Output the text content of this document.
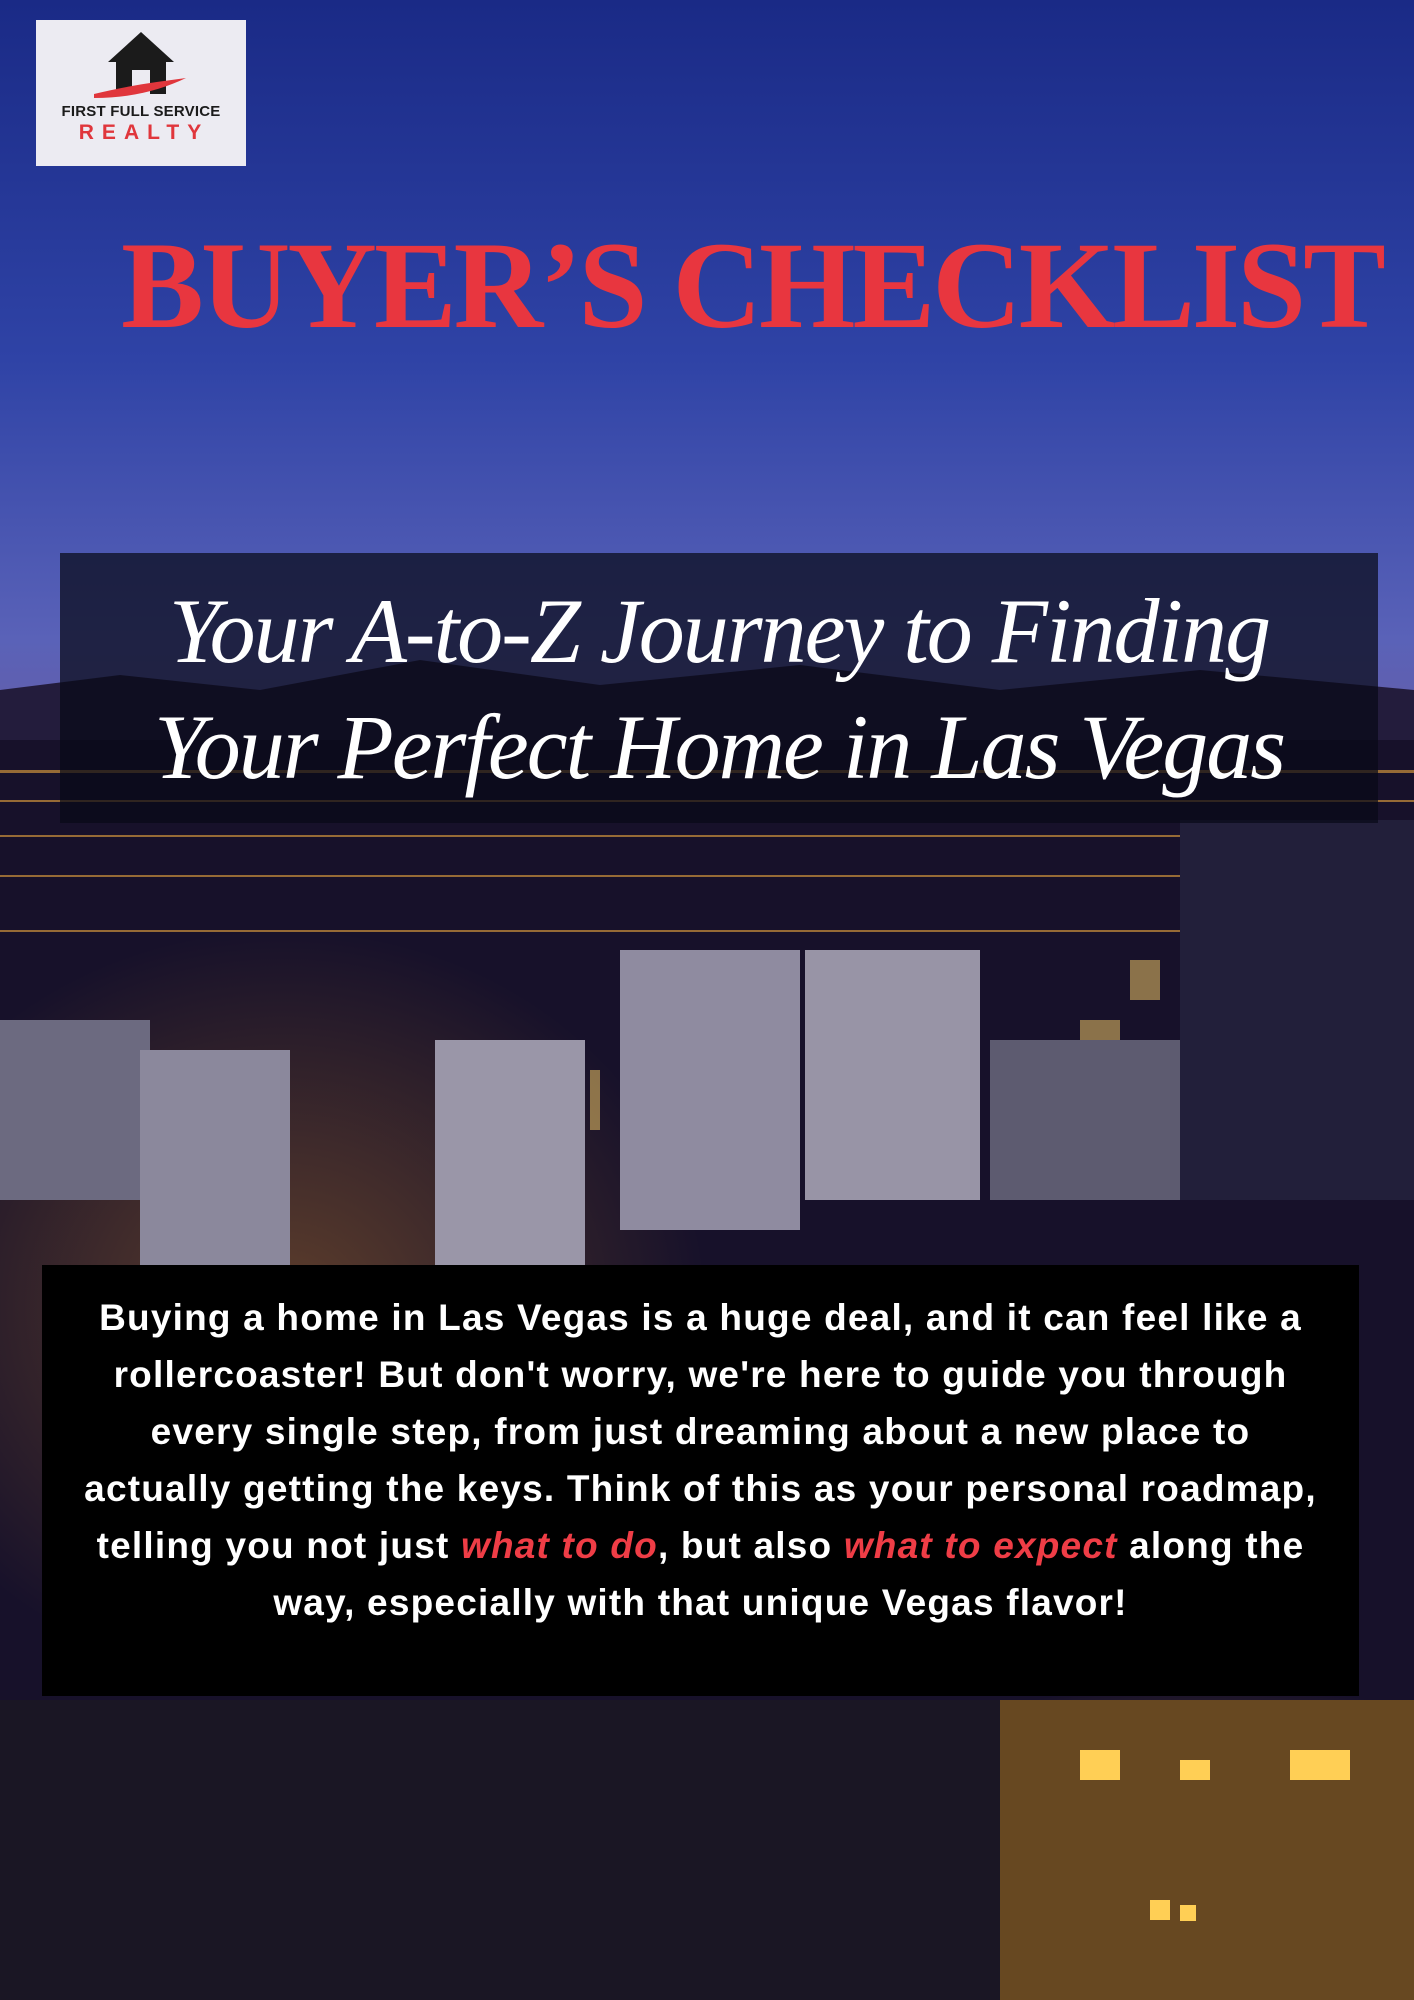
FIRST FULL SERVICE
REALTY
BUYER’S CHECKLIST
Your A-to-Z Journey to Finding
Your Perfect Home in Las Vegas
Buying a home in Las Vegas is a huge deal, and it can feel like a rollercoaster! But don't worry, we're here to guide you through every single step, from just dreaming about a new place to actually getting the keys. Think of this as your personal roadmap, telling you not just what to do, but also what to expect along the way, especially with that unique Vegas flavor!
